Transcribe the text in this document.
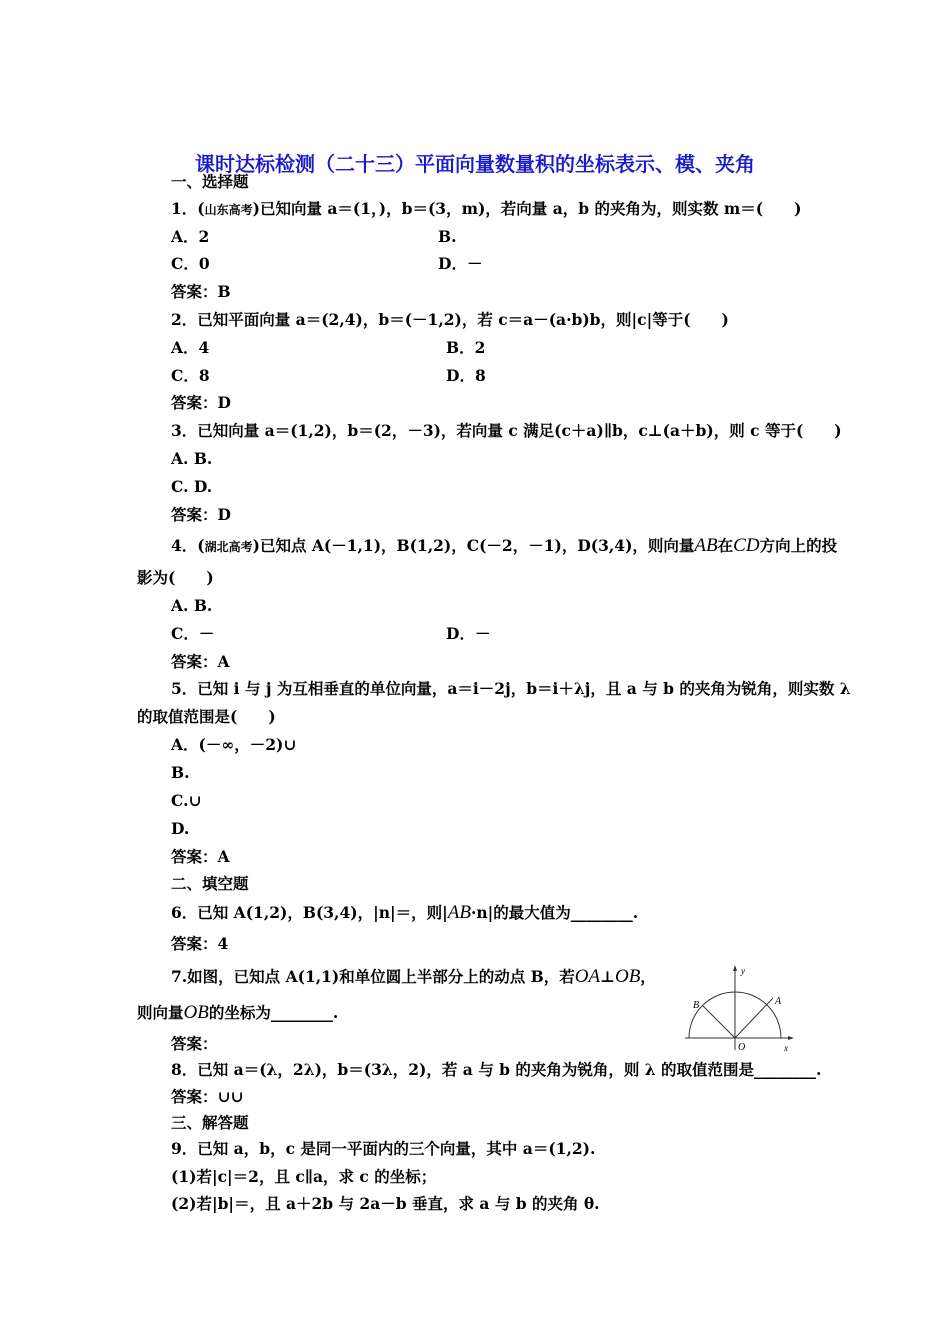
课时达标检测（二十三）平面向量数量积的坐标表示、模、夹角
一、选择题
1．(山东高考)已知向量 a＝(1，)，b＝(3，m)，若向量 a，b 的夹角为，则实数 m＝(　　)
A．2	B.
C．0	D．－
答案：B
2．已知平面向量 a＝(2,4)，b＝(－1,2)，若 c＝a－(a·b)b，则|c|等于(　　)
A．4	B．2
C．8	D．8
答案：D
3．已知向量 a＝(1,2)，b＝(2，－3)，若向量 c 满足(c＋a)∥b，c⊥(a＋b)，则 c 等于(　　)
A. B.
C. D.
答案：D
4．(湖北高考)已知点 A(－1,1)，B(1,2)，C(－2，－1)，D(3,4)，则向量AB在CD方向上的投
影为(　　)
A. B.
C．－	D．－
答案：A
5．已知 i 与 j 为互相垂直的单位向量，a＝i－2j，b＝i＋λj，且 a 与 b 的夹角为锐角，则实数 λ
的取值范围是(　　)
A．(－∞，－2)∪
B.
C.∪
D.
答案：A
二、填空题
6．已知 A(1,2)，B(3,4)，|n|＝，则|AB·n|的最大值为________.
答案：4
7.如图，已知点 A(1,1)和单位圆上半部分上的动点 B，若OA⊥OB，
则向量OB的坐标为________.
答案：
y
x
O
A
B
8．已知 a＝(λ，2λ)，b＝(3λ，2)，若 a 与 b 的夹角为锐角，则 λ 的取值范围是________.
答案：∪∪
三、解答题
9．已知 a，b，c 是同一平面内的三个向量，其中 a＝(1,2).
(1)若|c|＝2，且 c∥a，求 c 的坐标；
(2)若|b|＝，且 a＋2b 与 2a－b 垂直，求 a 与 b 的夹角 θ.
